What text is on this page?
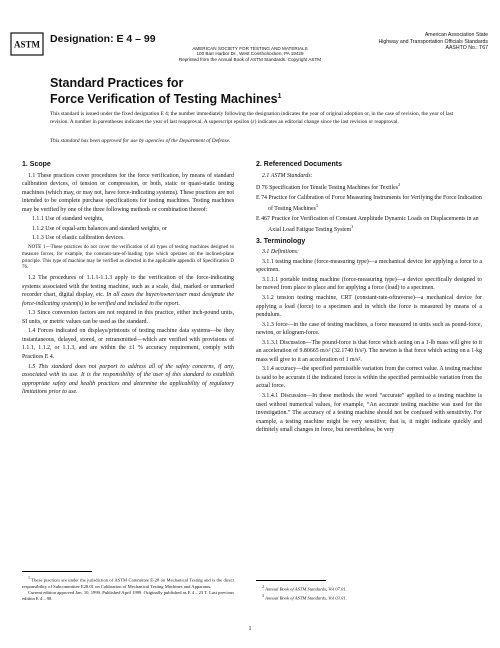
ASTM Designation: E 4 – 99	American Association State
Highway and Transportation Officials Standards
AASHTO No.: T67
AMERICAN SOCIETY FOR TESTING AND MATERIALS
100 Barr Harbor Dr., West Conshohocken, PA 19428
Reprinted from the Annual Book of ASTM Standards. Copyright ASTM
Standard Practices for
Force Verification of Testing Machines$^1$
This standard is issued under the fixed designation E 4; the number immediately following the designation indicates the year of original adoption or, in the case of revision, the year of last revision. A number in parentheses indicates the year of last reapproval. A superscript epsilon (ε) indicates an editorial change since the last revision or reapproval.
This standard has been approved for use by agencies of the Department of Defense.
1. Scope

1.1 These practices cover procedures for the force verification, by means of standard calibration devices, of tension or compression, or both, static or quasi-static testing machines (which may, or may not, have force-indicating systems). These practices are not intended to be complete purchase specifications for testing machines. Testing machines may be verified by one of the three following methods or combination thereof:

1.1.1 Use of standard weights,

1.1.2 Use of equal-arm balances and standard weights, or

1.1.3 Use of elastic calibration devices.

NOTE 1—These practices do not cover the verification of all types of testing machines designed to measure forces, for example, the constant-rate-of-loading type which operates on the inclined-plane principle. This type of machine may be verified as directed in the applicable appendix of Specification D 76.

1.2 The procedures of 1.1.1-1.1.3 apply to the verification of the force-indicating systems associated with the testing machine, such as a scale, dial, marked or unmarked recorder chart, digital display, etc. In all cases the buyer/owner/user must designate the force-indicating system(s) to be verified and included in the report.

1.3 Since conversion factors are not required in this practice, either inch-pound units, SI units, or metric values can be used as the standard.

1.4 Forces indicated on displays/printouts of testing machine data systems—be they instantaneous, delayed, stored, or retransmitted—which are verified with provisions of 1.1.1, 1.1.2, or 1.1.3, and are within the ±1 % accuracy requirement, comply with Practices E 4.

1.5 This standard does not purport to address all of the safety concerns, if any, associated with its use. It is the responsibility of the user of this standard to establish appropriate safety and health practices and determine the applicability of regulatory limitations prior to use.

$^1$ These practices are under the jurisdiction of ASTM Committee E-28 on Mechanical Testing and is the direct responsibility of Subcommittee E28.01 on Calibration of Mechanical Testing Machines and Apparatus.

Current edition approved Jan. 10, 1999. Published April 1999. Originally published as E 4 – 23 T. Last previous edition E 4 – 98.

2. Referenced Documents

2.1 ASTM Standards:

D 76 Specification for Tensile Testing Machines for Textiles$^2$

E 74 Practice for Calibration of Force Measuring Instruments for Verifying the Force Indication of Testing Machines$^3$

E 467 Practice for Verification of Constant Amplitude Dynamic Loads on Displacements in an Axial Load Fatigue Testing System$^3$

3. Terminology

3.1 Definitions:

3.1.1 testing machine (force-measuring type)—a mechanical device for applying a force to a specimen.

3.1.1.1 portable testing machine (force-measuring type)—a device specifically designed to be moved from place to place and for applying a force (load) to a specimen.

3.1.2 tension testing machine, CRT (constant-rate-oftraverse)—a mechanical device for applying a load (force) to a specimen and in which the force is measured by means of a pendulum.

3.1.3 force—in the case of testing machines, a force measured in units such as pound-force, newton, or kilogram-force.

3.1.3.1 Discussion—The pound-force is that force which acting on a 1-lb mass will give to it an acceleration of 9.80665 m/s² (32.1740 ft/s²). The newton is that force which acting on a 1-kg mass will give to it an acceleration of 1 m/s².

3.1.4 accuracy—the specified permissible variation from the correct value. A testing machine is said to be accurate if the indicated force is within the specified permissible variation from the actual force.

3.1.4.1 Discussion—In these methods the word “accurate” applied to a testing machine is used without numerical values, for example, “An accurate testing machine was used for the investigation.” The accuracy of a testing machine should not be confused with sensitivity. For example, a testing machine might be very sensitive; that is, it might indicate quickly and definitely small changes in force, but nevertheless, be very

$^2$ Annual Book of ASTM Standards, Vol 07.01.

$^3$ Annual Book of ASTM Standards, Vol 03.01.

1
